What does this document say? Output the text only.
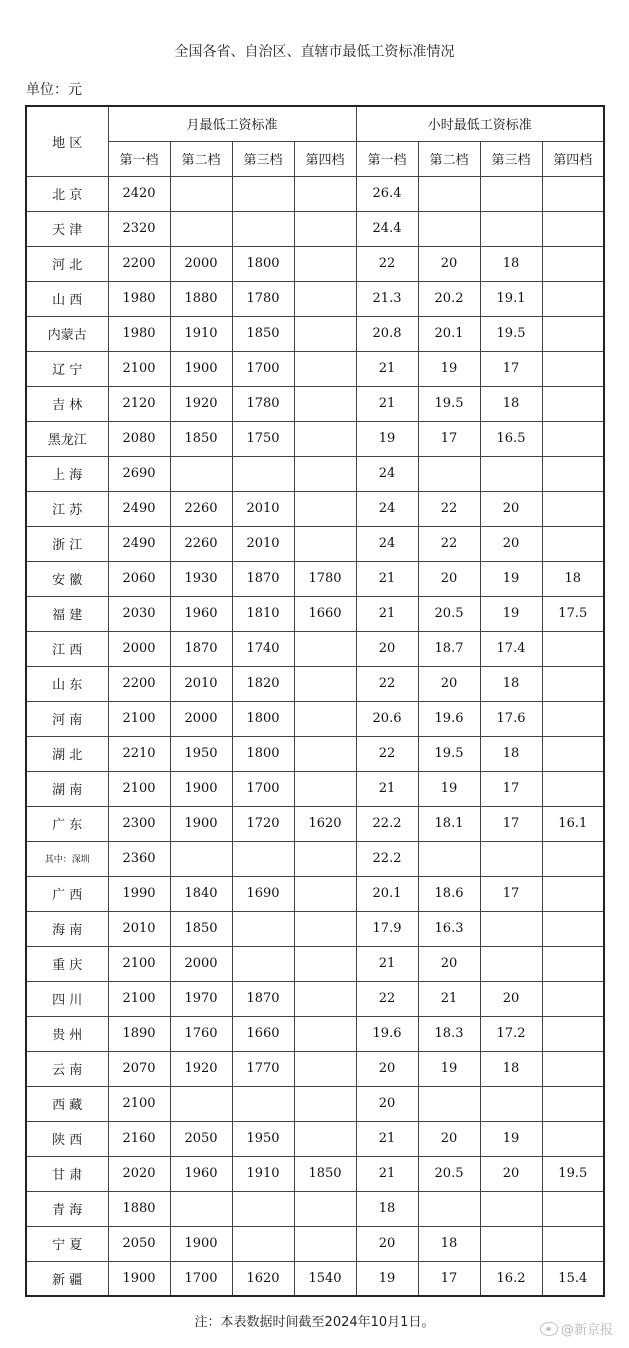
全国各省、自治区、直辖市最低工资标准情况
单位：元
地 区	月最低工资标准				小时最低工资标准			
	第一档	第二档	第三档	第四档	第一档	第二档	第三档	第四档
北 京	2420				26.4			
天 津	2320				24.4			
河 北	2200	2000	1800		22	20	18	
山 西	1980	1880	1780		21.3	20.2	19.1	
内蒙古	1980	1910	1850		20.8	20.1	19.5	
辽 宁	2100	1900	1700		21	19	17	
吉 林	2120	1920	1780		21	19.5	18	
黑龙江	2080	1850	1750		19	17	16.5	
上 海	2690				24			
江 苏	2490	2260	2010		24	22	20	
浙 江	2490	2260	2010		24	22	20	
安 徽	2060	1930	1870	1780	21	20	19	18
福 建	2030	1960	1810	1660	21	20.5	19	17.5
江 西	2000	1870	1740		20	18.7	17.4	
山 东	2200	2010	1820		22	20	18	
河 南	2100	2000	1800		20.6	19.6	17.6	
湖 北	2210	1950	1800		22	19.5	18	
湖 南	2100	1900	1700		21	19	17	
广 东	2300	1900	1720	1620	22.2	18.1	17	16.1
其中：深圳	2360				22.2			
广 西	1990	1840	1690		20.1	18.6	17	
海 南	2010	1850			17.9	16.3		
重 庆	2100	2000			21	20		
四 川	2100	1970	1870		22	21	20	
贵 州	1890	1760	1660		19.6	18.3	17.2	
云 南	2070	1920	1770		20	19	18	
西 藏	2100				20			
陕 西	2160	2050	1950		21	20	19	
甘 肃	2020	1960	1910	1850	21	20.5	20	19.5
青 海	1880				18			
宁 夏	2050	1900			20	18		
新 疆	1900	1700	1620	1540	19	17	16.2	15.4
注：本表数据时间截至2024年10月1日。
@新京报
